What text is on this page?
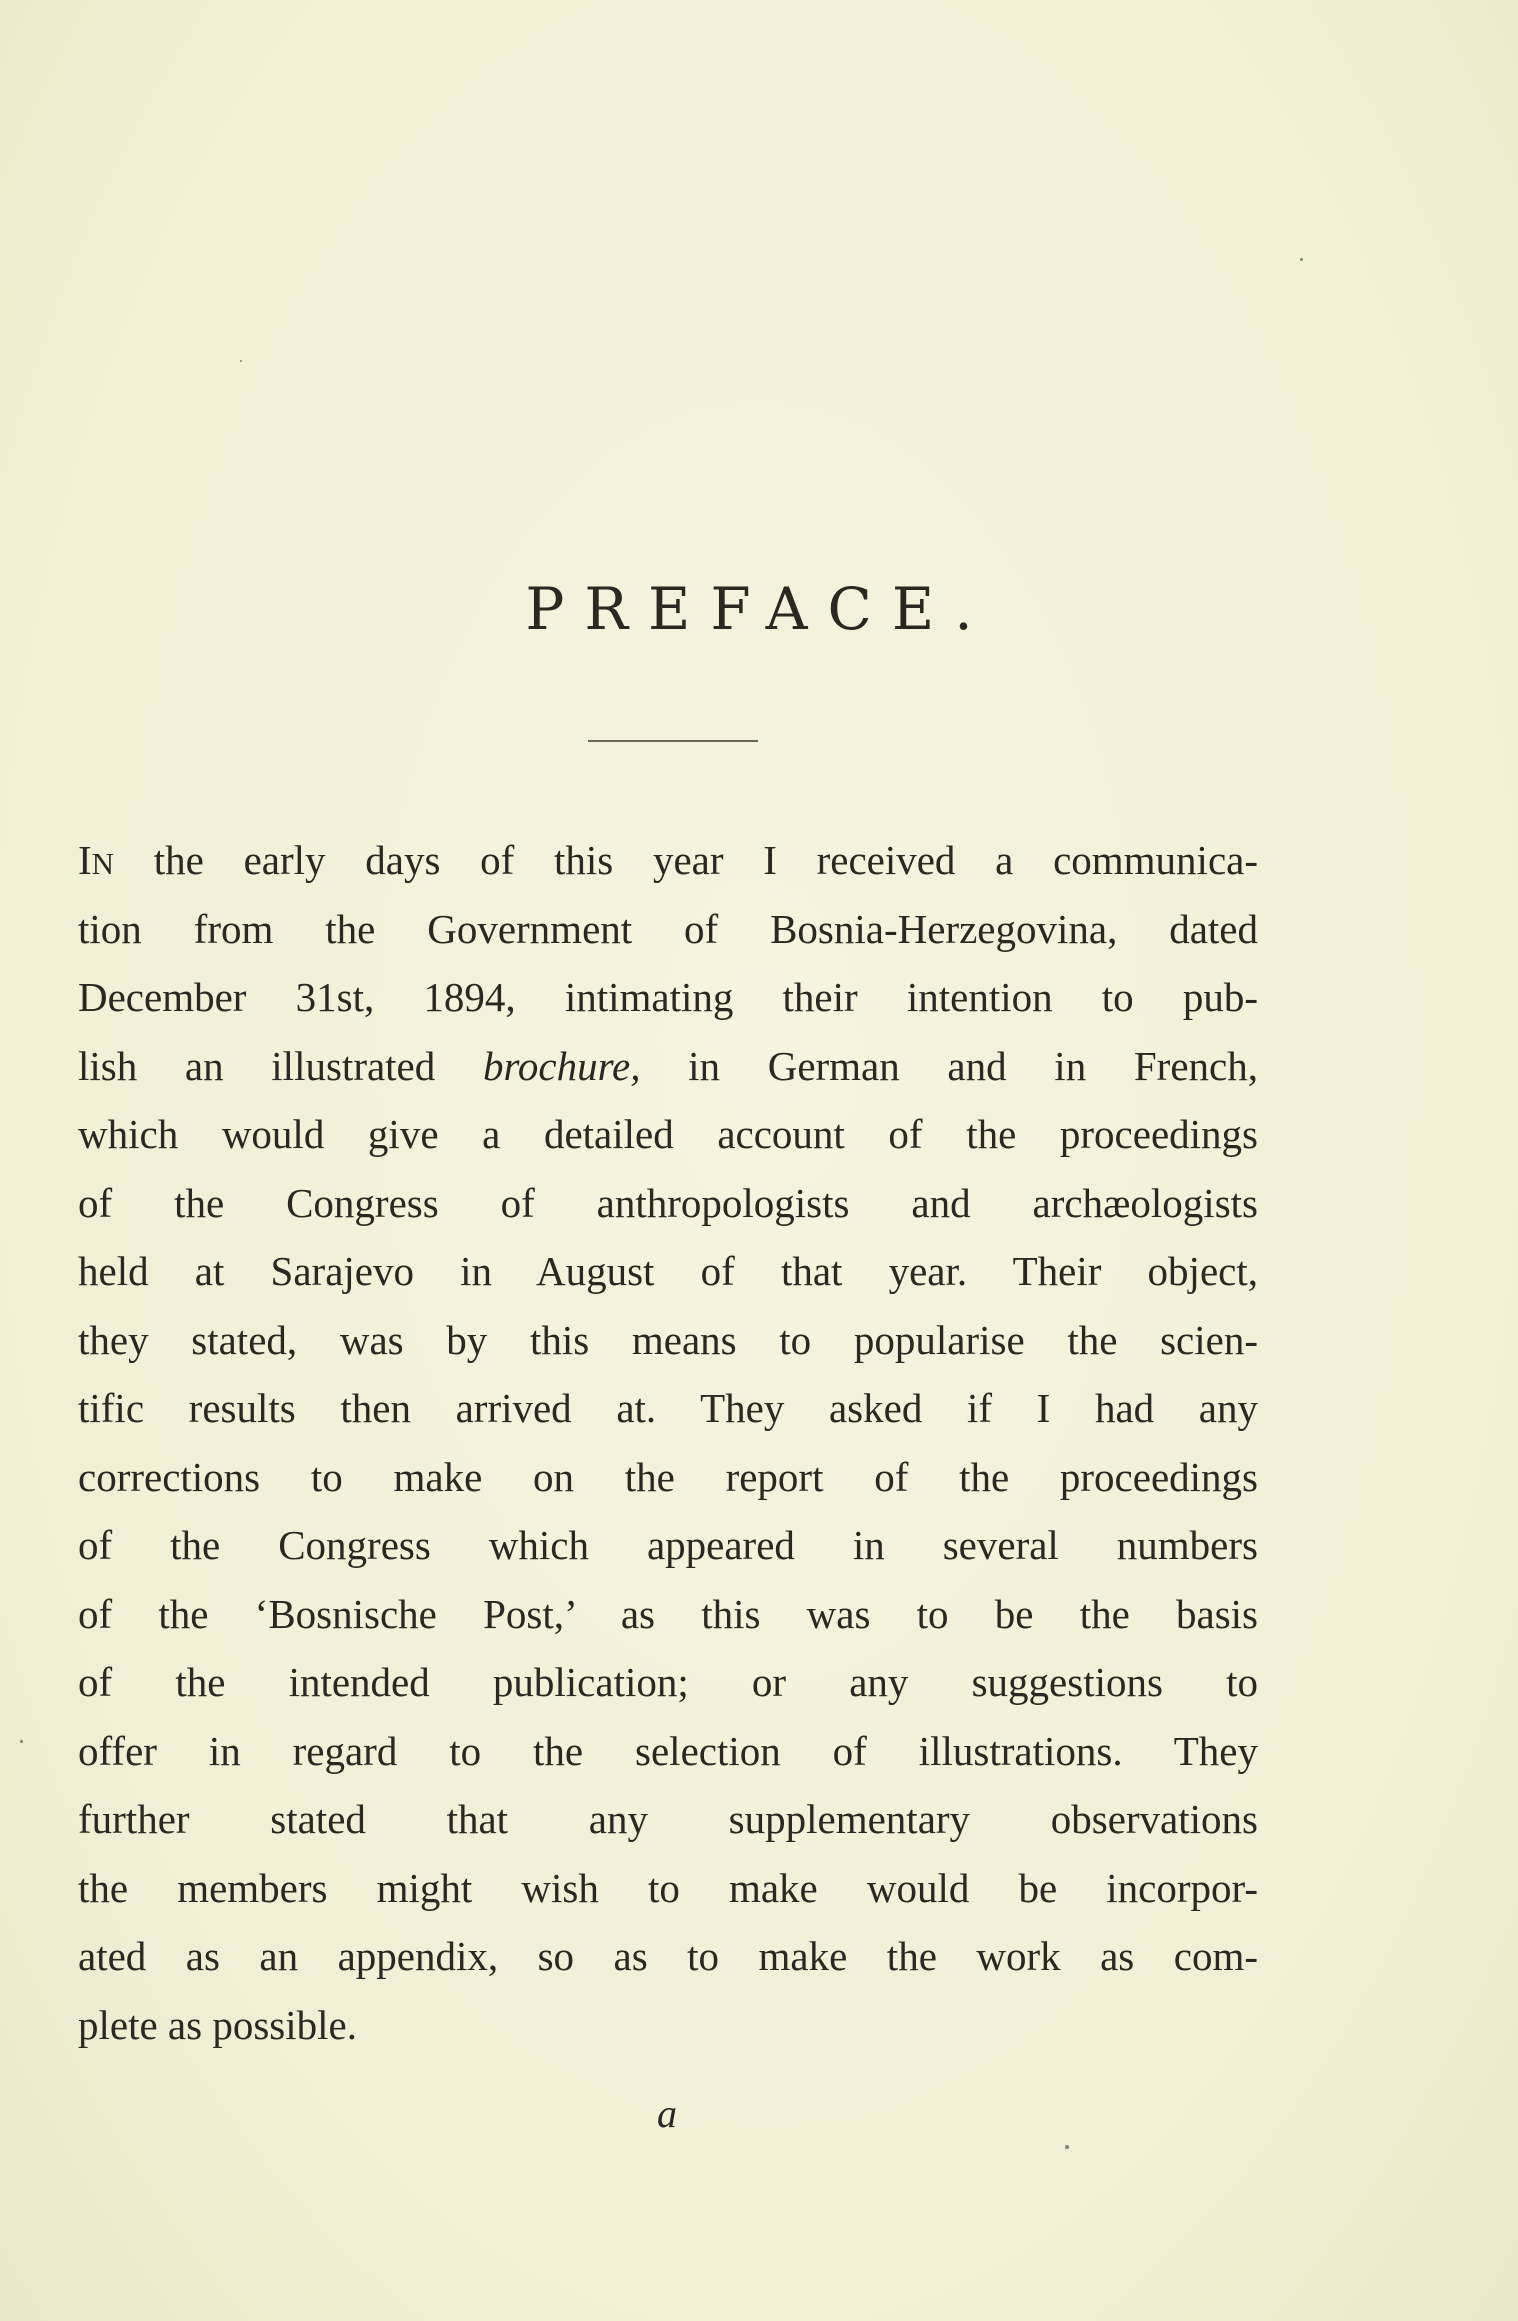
PREFACE.
IN the early days of this year I received a communica-
tion from the Government of Bosnia-Herzegovina, dated
December 31st, 1894, intimating their intention to pub-
lish an illustrated brochure, in German and in French,
which would give a detailed account of the proceedings
of the Congress of anthropologists and archæologists
held at Sarajevo in August of that year. Their object,
they stated, was by this means to popularise the scien-
tific results then arrived at. They asked if I had any
corrections to make on the report of the proceedings
of the Congress which appeared in several numbers
of the ‘Bosnische Post,’ as this was to be the basis
of the intended publication; or any suggestions to
offer in regard to the selection of illustrations. They
further stated that any supplementary observations
the members might wish to make would be incorpor-
ated as an appendix, so as to make the work as com-
plete as possible.
a
